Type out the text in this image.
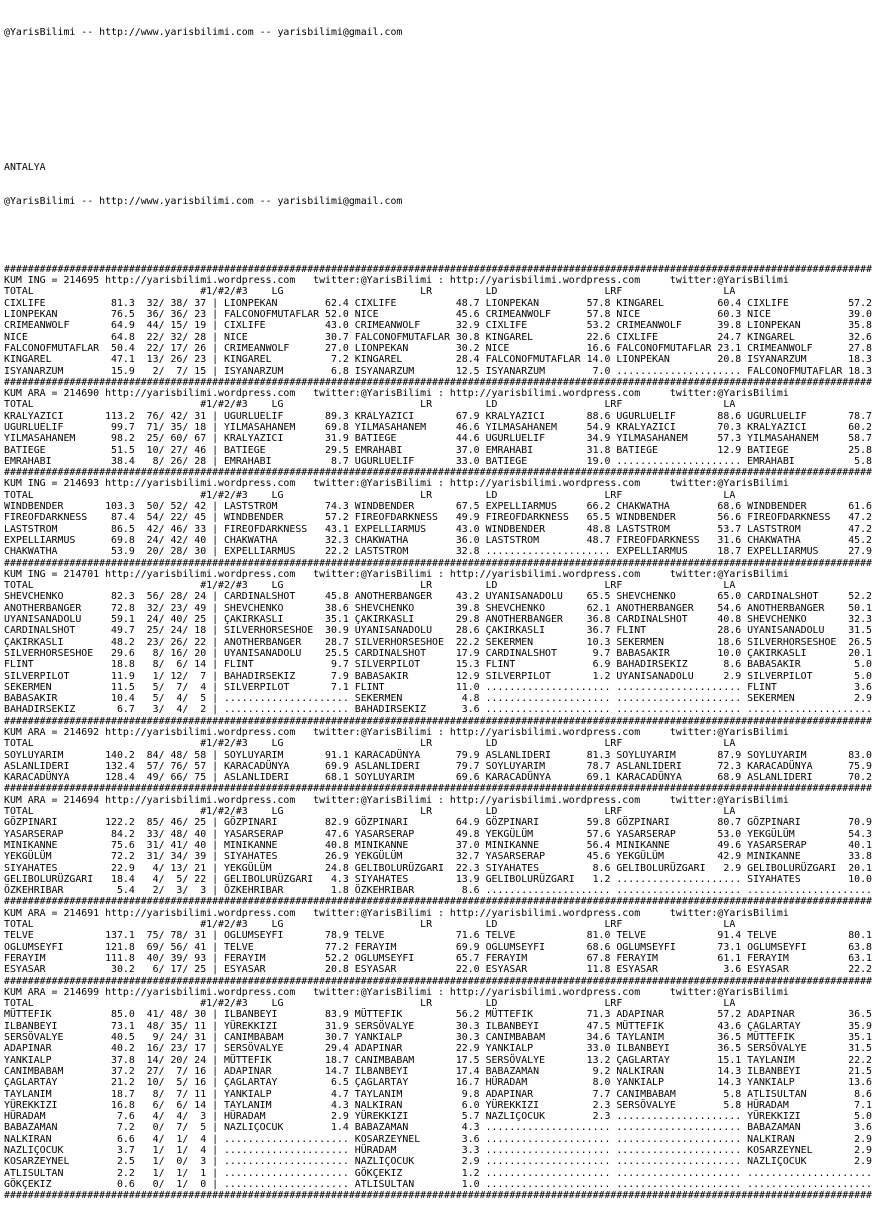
@YarisBilimi -- http://www.yarisbilimi.com -- yarisbilimi@gmail.com

ANTALYA

@YarisBilimi -- http://www.yarisbilimi.com -- yarisbilimi@gmail.com

##################################################################################################################################################
KUM ING = 214695 http://yarisbilimi.wordpress.com   twitter:@YarisBilimi : http://yarisbilimi.wordpress.com     twitter:@YarisBilimi
TOTAL                            #1/#2/#3    LG                       LR         LD                  LRF                 LA
CIXLIFE           81.3  32/ 38/ 37 | LIONPEKAN        62.4 CIXLIFE          48.7 LIONPEKAN        57.8 KINGAREL         60.4 CIXLIFE          57.2
LIONPEKAN         76.5  36/ 36/ 23 | FALCONOFMUTAFLAR 52.0 NICE             45.6 CRIMEANWOLF      57.8 NICE             60.3 NICE             39.0
CRIMEANWOLF       64.9  44/ 15/ 19 | CIXLIFE          43.0 CRIMEANWOLF      32.9 CIXLIFE          53.2 CRIMEANWOLF      39.8 LIONPEKAN        35.8
NICE              64.8  22/ 32/ 28 | NICE             30.7 FALCONOFMUTAFLAR 30.8 KINGAREL         22.6 CIXLIFE          24.7 KINGAREL         32.6
FALCONOFMUTAFLAR  50.4  22/ 17/ 26 | CRIMEANWOLF      27.0 LIONPEKAN        30.2 NICE             16.6 FALCONOFMUTAFLAR 23.1 CRIMEANWOLF      27.8
KINGAREL          47.1  13/ 26/ 23 | KINGAREL          7.2 KINGAREL         28.4 FALCONOFMUTAFLAR 14.0 LIONPEKAN        20.8 ISYANARZUM       18.3
ISYANARZUM        15.9   2/  7/ 15 | ISYANARZUM        6.8 ISYANARZUM       12.5 ISYANARZUM        7.0 ..................... FALCONOFMUTAFLAR 18.3
##################################################################################################################################################
KUM ARA = 214690 http://yarisbilimi.wordpress.com   twitter:@YarisBilimi : http://yarisbilimi.wordpress.com     twitter:@YarisBilimi
TOTAL                            #1/#2/#3    LG                       LR         LD                  LRF                 LA
KRALYAZICI       113.2  76/ 42/ 31 | UGURLUELIF       89.3 KRALYAZICI       67.9 KRALYAZICI       88.6 UGURLUELIF       88.6 UGURLUELIF       78.7
UGURLUELIF        99.7  71/ 35/ 18 | YILMASAHANEM     69.8 YILMASAHANEM     46.6 YILMASAHANEM     54.9 KRALYAZICI       70.3 KRALYAZICI       60.2
YILMASAHANEM      98.2  25/ 60/ 67 | KRALYAZICI       31.9 BATIEGE          44.6 UGURLUELIF       34.9 YILMASAHANEM     57.3 YILMASAHANEM     58.7
BATIEGE           51.5  10/ 27/ 46 | BATIEGE          29.5 EMRAHABI         37.0 EMRAHABI         31.8 BATIEGE          12.9 BATIEGE          25.8
EMRAHABI          38.4   8/ 26/ 28 | EMRAHABI          8.7 UGURLUELIF       33.0 BATIEGE          19.0 ..................... EMRAHABI          5.8
##################################################################################################################################################
KUM ING = 214693 http://yarisbilimi.wordpress.com   twitter:@YarisBilimi : http://yarisbilimi.wordpress.com     twitter:@YarisBilimi
TOTAL                            #1/#2/#3    LG                       LR         LD                  LRF                 LA
WINDBENDER       103.3  50/ 52/ 42 | LASTSTROM        74.3 WINDBENDER       67.5 EXPELLIARMUS     66.2 CHAKWATHA        68.6 WINDBENDER       61.6
FIREOFDARKNESS    87.4  54/ 22/ 45 | WINDBENDER       57.2 FIREOFDARKNESS   49.9 FIREOFDARKNESS   65.5 WINDBENDER       56.6 FIREOFDARKNESS   47.2
LASTSTROM         86.5  42/ 46/ 33 | FIREOFDARKNESS   43.1 EXPELLIARMUS     43.0 WINDBENDER       48.8 LASTSTROM        53.7 LASTSTROM        47.2
EXPELLIARMUS      69.8  24/ 42/ 40 | CHAKWATHA        32.3 CHAKWATHA        36.0 LASTSTROM        48.7 FIREOFDARKNESS   31.6 CHAKWATHA        45.2
CHAKWATHA         53.9  20/ 28/ 30 | EXPELLIARMUS     22.2 LASTSTROM        32.8 ..................... EXPELLIARMUS     18.7 EXPELLIARMUS     27.9
##################################################################################################################################################
KUM ING = 214701 http://yarisbilimi.wordpress.com   twitter:@YarisBilimi : http://yarisbilimi.wordpress.com     twitter:@YarisBilimi
TOTAL                            #1/#2/#3    LG                       LR         LD                  LRF                 LA
SHEVCHENKO        82.3  56/ 28/ 24 | CARDINALSHOT     45.8 ANOTHERBANGER    43.2 UYANISANADOLU    65.5 SHEVCHENKO       65.0 CARDINALSHOT     52.2
ANOTHERBANGER     72.8  32/ 23/ 49 | SHEVCHENKO       38.6 SHEVCHENKO       39.8 SHEVCHENKO       62.1 ANOTHERBANGER    54.6 ANOTHERBANGER    50.1
UYANISANADOLU     59.1  24/ 40/ 25 | ÇAKIRKASLI       35.1 ÇAKIRKASLI       29.8 ANOTHERBANGER    36.8 CARDINALSHOT     40.8 SHEVCHENKO       32.3
CARDINALSHOT      49.7  25/ 24/ 18 | SILVERHORSESHOE  30.9 UYANISANADOLU    28.6 ÇAKIRKASLI       36.7 FLINT            28.6 UYANISANADOLU    31.5
ÇAKIRKASLI        48.2  23/ 26/ 22 | ANOTHERBANGER    28.7 SILVERHORSESHOE  22.2 SEKERMEN         10.3 SEKERMEN         18.6 SILVERHORSESHOE  26.5
SILVERHORSESHOE   29.6   8/ 16/ 20 | UYANISANADOLU    25.5 CARDINALSHOT     17.9 CARDINALSHOT      9.7 BABASAKIR        10.0 ÇAKIRKASLI       20.1
FLINT             18.8   8/  6/ 14 | FLINT             9.7 SILVERPILOT      15.3 FLINT             6.9 BAHADIRSEKIZ      8.6 BABASAKIR         5.0
SILVERPILOT       11.9   1/ 12/  7 | BAHADIRSEKIZ      7.9 BABASAKIR        12.9 SILVERPILOT       1.2 UYANISANADOLU     2.9 SILVERPILOT       5.0
SEKERMEN          11.5   5/  7/  4 | SILVERPILOT       7.1 FLINT            11.0 ..................... ..................... FLINT             3.6
BABASAKIR         10.4   5/  4/  5 | ..................... SEKERMEN          4.8 ..................... ..................... SEKERMEN          2.9
BAHADIRSEKIZ       6.7   3/  4/  2 | ..................... BAHADIRSEKIZ      3.6 ..................... ..................... .....................
##################################################################################################################################################
KUM ARA = 214692 http://yarisbilimi.wordpress.com   twitter:@YarisBilimi : http://yarisbilimi.wordpress.com     twitter:@YarisBilimi
TOTAL                            #1/#2/#3    LG                       LR         LD                  LRF                 LA
SOYLUYARIM       140.2  84/ 48/ 58 | SOYLUYARIM       91.1 KARACADÜNYA      79.9 ASLANLIDERI      81.3 SOYLUYARIM       87.9 SOYLUYARIM       83.0
ASLANLIDERI      132.4  57/ 76/ 57 | KARACADÜNYA      69.9 ASLANLIDERI      79.7 SOYLUYARIM       78.7 ASLANLIDERI      72.3 KARACADÜNYA      75.9
KARACADÜNYA      128.4  49/ 66/ 75 | ASLANLIDERI      68.1 SOYLUYARIM       69.6 KARACADÜNYA      69.1 KARACADÜNYA      68.9 ASLANLIDERI      70.2
##################################################################################################################################################
KUM ARA = 214694 http://yarisbilimi.wordpress.com   twitter:@YarisBilimi : http://yarisbilimi.wordpress.com     twitter:@YarisBilimi
TOTAL                            #1/#2/#3    LG                       LR         LD                  LRF                 LA
GÖZPINARI        122.2  85/ 46/ 25 | GÖZPINARI        82.9 GÖZPINARI        64.9 GÖZPINARI        59.8 GÖZPINARI        80.7 GÖZPINARI        70.9
YASARSERAP        84.2  33/ 48/ 40 | YASARSERAP       47.6 YASARSERAP       49.8 YEKGÜLÜM         57.6 YASARSERAP       53.0 YEKGÜLÜM         54.3
MINIKANNE         75.6  31/ 41/ 40 | MINIKANNE        40.8 MINIKANNE        37.0 MINIKANNE        56.4 MINIKANNE        49.6 YASARSERAP       40.1
YEKGÜLÜM          72.2  31/ 34/ 39 | SIYAHATES        26.9 YEKGÜLÜM         32.7 YASARSERAP       45.6 YEKGÜLÜM         42.9 MINIKANNE        33.8
SIYAHATES         22.9   4/ 13/ 21 | YEKGÜLÜM         24.8 GELIBOLURÜZGARI  22.3 SIYAHATES         8.6 GELIBOLURÜZGARI   2.9 GELIBOLURÜZGARI  20.1
GELIBOLURÜZGARI   18.4   4/  5/ 22 | GELIBOLURÜZGARI   4.3 SIYAHATES        13.9 GELIBOLURÜZGARI   1.2 ..................... SIYAHATES        10.0
ÖZKEHRIBAR         5.4   2/  3/  3 | ÖZKEHRIBAR        1.8 ÖZKEHRIBAR        8.6 ..................... ..................... .....................
##################################################################################################################################################
KUM ARA = 214691 http://yarisbilimi.wordpress.com   twitter:@YarisBilimi : http://yarisbilimi.wordpress.com     twitter:@YarisBilimi
TOTAL                            #1/#2/#3    LG                       LR         LD                  LRF                 LA
TELVE            137.1  75/ 78/ 31 | OGLUMSEYFI       78.9 TELVE            71.6 TELVE            81.0 TELVE            91.4 TELVE            80.1
OGLUMSEYFI       121.8  69/ 56/ 41 | TELVE            77.2 FERAYIM          69.9 OGLUMSEYFI       68.6 OGLUMSEYFI       73.1 OGLUMSEYFI       63.8
FERAYIM          111.8  40/ 39/ 93 | FERAYIM          52.2 OGLUMSEYFI       65.7 FERAYIM          67.8 FERAYIM          61.1 FERAYIM          63.1
ESYASAR           30.2   6/ 17/ 25 | ESYASAR          20.8 ESYASAR          22.0 ESYASAR          11.8 ESYASAR           3.6 ESYASAR          22.2
##################################################################################################################################################
KUM ARA = 214699 http://yarisbilimi.wordpress.com   twitter:@YarisBilimi : http://yarisbilimi.wordpress.com     twitter:@YarisBilimi
TOTAL                            #1/#2/#3    LG                       LR         LD                  LRF                 LA
MÜTTEFIK          85.0  41/ 48/ 30 | ILBANBEYI        83.9 MÜTTEFIK         56.2 MÜTTEFIK         71.3 ADAPINAR         57.2 ADAPINAR         36.5
ILBANBEYI         73.1  48/ 35/ 11 | YÜREKKIZI        31.9 SERSÖVALYE       30.3 ILBANBEYI        47.5 MÜTTEFIK         43.6 ÇAGLARTAY        35.9
SERSÖVALYE        40.5   9/ 24/ 31 | CANIMBABAM       30.7 YANKIALP         30.3 CANIMBABAM       34.6 TAYLANIM         36.5 MÜTTEFIK         35.1
ADAPINAR          40.2  16/ 23/ 17 | SERSÖVALYE       29.4 ADAPINAR         22.9 YANKIALP         33.0 ILBANBEYI        36.5 SERSÖVALYE       31.5
YANKIALP          37.8  14/ 20/ 24 | MÜTTEFIK         18.7 CANIMBABAM       17.5 SERSÖVALYE       13.2 ÇAGLARTAY        15.1 TAYLANIM         22.2
CANIMBABAM        37.2  27/  7/ 16 | ADAPINAR         14.7 ILBANBEYI        17.4 BABAZAMAN         9.2 NALKIRAN         14.3 ILBANBEYI        21.5
ÇAGLARTAY         21.2  10/  5/ 16 | ÇAGLARTAY         6.5 ÇAGLARTAY        16.7 HÜRADAM           8.0 YANKIALP         14.3 YANKIALP         13.6
TAYLANIM          18.7   8/  7/ 11 | YANKIALP          4.7 TAYLANIM          9.8 ADAPINAR          7.7 CANIMBABAM        5.8 ATLISULTAN        8.6
YÜREKKIZI         16.8   6/  6/ 14 | TAYLANIM          4.3 NALKIRAN          6.0 YÜREKKIZI         2.3 SERSÖVALYE        5.8 HÜRADAM           7.1
HÜRADAM            7.6   4/  4/  3 | HÜRADAM           2.9 YÜREKKIZI         5.7 NAZLIÇOCUK        2.3 ..................... YÜREKKIZI         5.0
BABAZAMAN          7.2   0/  7/  5 | NAZLIÇOCUK        1.4 BABAZAMAN         4.3 ..................... ..................... BABAZAMAN         3.6
NALKIRAN           6.6   4/  1/  4 | ..................... KOSARZEYNEL       3.6 ..................... ..................... NALKIRAN          2.9
NAZLIÇOCUK         3.7   1/  1/  4 | ..................... HÜRADAM           3.3 ..................... ..................... KOSARZEYNEL       2.9
KOSARZEYNEL        2.5   1/  0/  3 | ..................... NAZLIÇOCUK        2.9 ..................... ..................... NAZLIÇOCUK        2.9
ATLISULTAN         2.2   1/  1/  1 | ..................... GÖKÇEKIZ          1.2 ..................... ..................... .....................
GÖKÇEKIZ           0.6   0/  1/  0 | ..................... ATLISULTAN        1.0 ..................... ..................... .....................
##################################################################################################################################################
